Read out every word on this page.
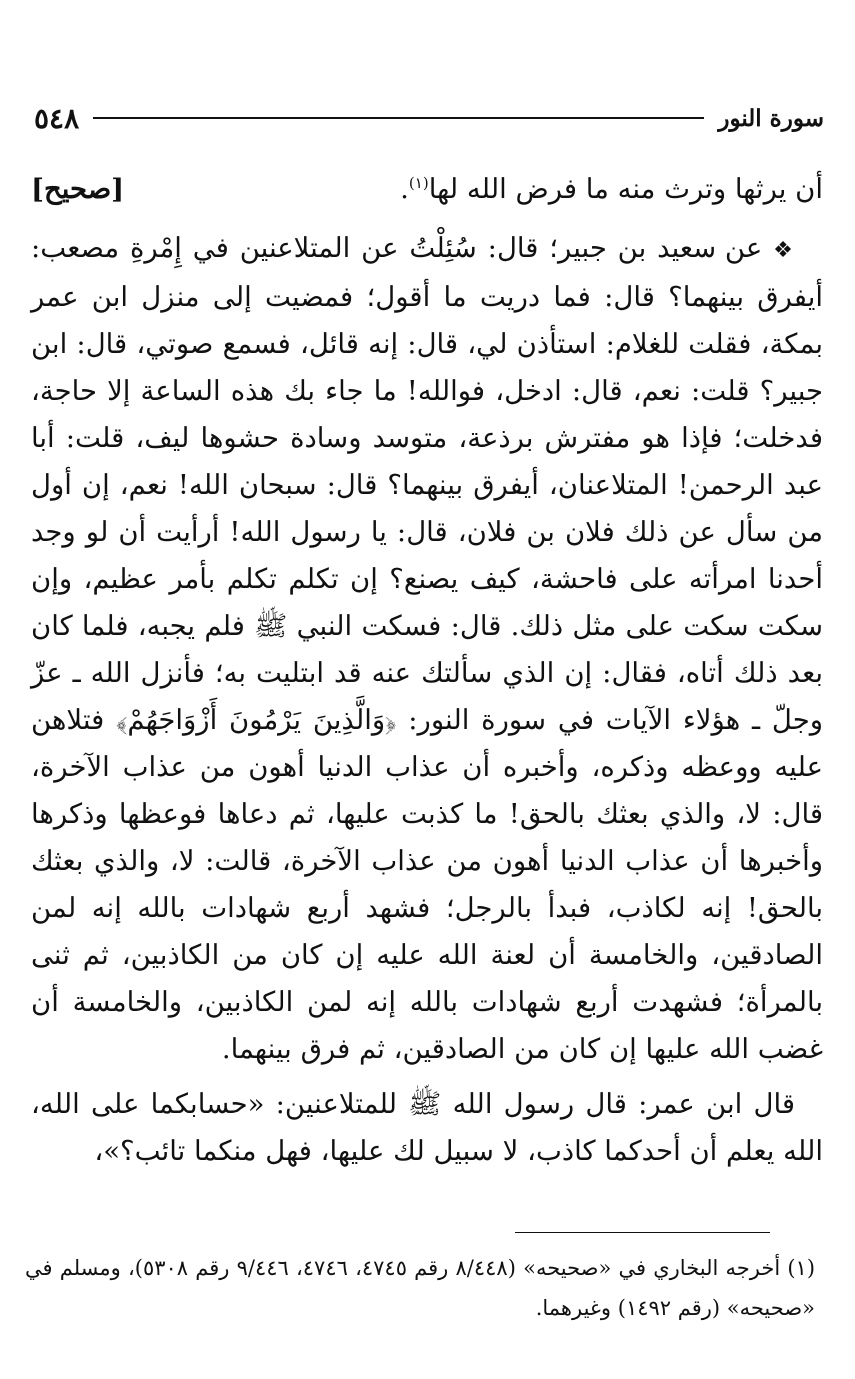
سورة النور
٥٤٨

أن يرثها وترث منه ما فرض الله لها$^{(١)}$.
[صحيح]

❖ عن سعيد بن جبير؛ قال: سُئِلْتُ عن المتلاعنين في إِمْرةِ مصعب: أيفرق بينهما؟ قال: فما دريت ما أقول؛ فمضيت إلى منزل ابن عمر بمكة، فقلت للغلام: استأذن لي، قال: إنه قائل، فسمع صوتي، قال: ابن جبير؟ قلت: نعم، قال: ادخل، فوالله! ما جاء بك هذه الساعة إلا حاجة، فدخلت؛ فإذا هو مفترش برذعة، متوسد وسادة حشوها ليف، قلت: أبا عبد الرحمن! المتلاعنان، أيفرق بينهما؟ قال: سبحان الله! نعم، إن أول من سأل عن ذلك فلان بن فلان، قال: يا رسول الله! أرأيت أن لو وجد أحدنا امرأته على فاحشة، كيف يصنع؟ إن تكلم تكلم بأمر عظيم، وإن سكت سكت على مثل ذلك. قال: فسكت النبي ﷺ فلم يجبه، فلما كان بعد ذلك أتاه، فقال: إن الذي سألتك عنه قد ابتليت به؛ فأنزل الله ـ عزّ وجلّ ـ هؤلاء الآيات في سورة النور: ﴿وَالَّذِينَ يَرْمُونَ أَزْوَاجَهُمْ﴾ فتلاهن عليه ووعظه وذكره، وأخبره أن عذاب الدنيا أهون من عذاب الآخرة، قال: لا، والذي بعثك بالحق! ما كذبت عليها، ثم دعاها فوعظها وذكرها وأخبرها أن عذاب الدنيا أهون من عذاب الآخرة، قالت: لا، والذي بعثك بالحق! إنه لكاذب، فبدأ بالرجل؛ فشهد أربع شهادات بالله إنه لمن الصادقين، والخامسة أن لعنة الله عليه إن كان من الكاذبين، ثم ثنى بالمرأة؛ فشهدت أربع شهادات بالله إنه لمن الكاذبين، والخامسة أن غضب الله عليها إن كان من الصادقين، ثم فرق بينهما.

قال ابن عمر: قال رسول الله ﷺ للمتلاعنين: «حسابكما على الله، الله يعلم أن أحدكما كاذب، لا سبيل لك عليها، فهل منكما تائب؟»،

(١) أخرجه البخاري في «صحيحه» (٨/٤٤٨ رقم ٤٧٤٥، ٤٧٤٦، ٩/٤٤٦ رقم ٥٣٠٨)، ومسلم في «صحيحه» (رقم ١٤٩٢) وغيرهما.
